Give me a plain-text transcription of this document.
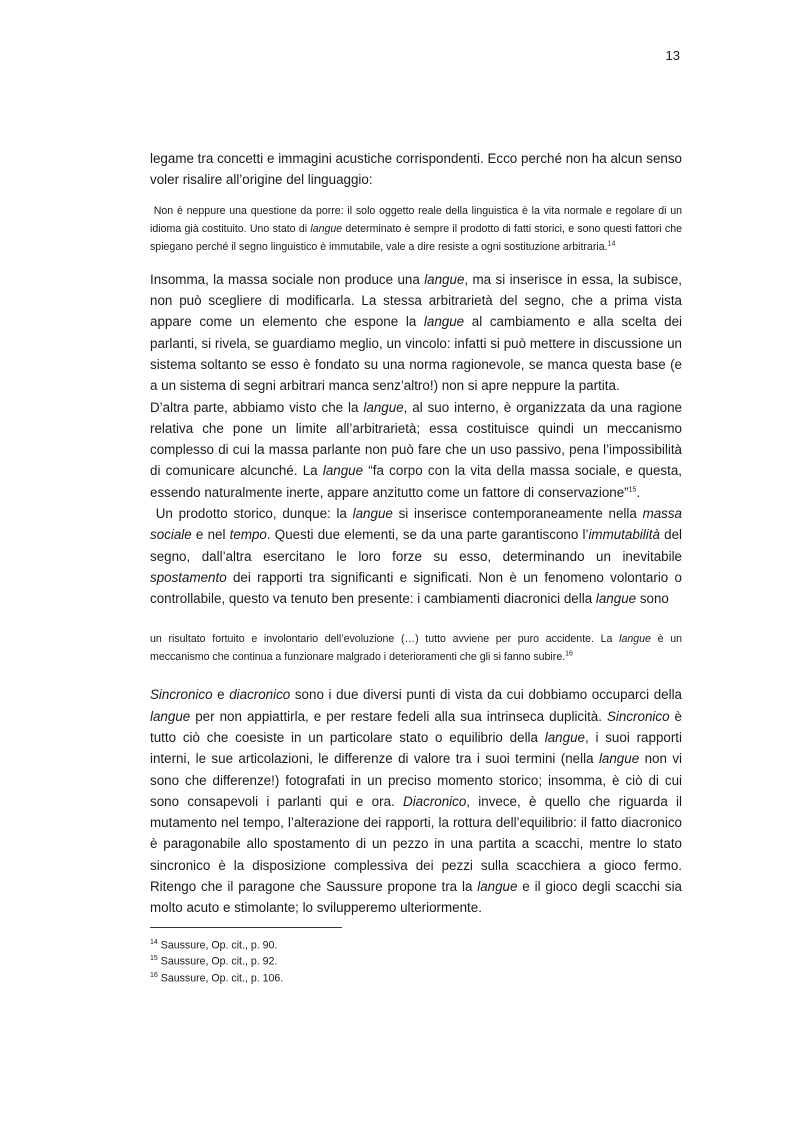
13

legame tra concetti e immagini acustiche corrispondenti. Ecco perché non ha alcun senso voler risalire all’origine del linguaggio:

Non è neppure una questione da porre: il solo oggetto reale della linguistica è la vita normale e regolare di un idioma già costituito. Uno stato di langue determinato è sempre il prodotto di fatti storici, e sono questi fattori che spiegano perché il segno linguistico è immutabile, vale a dire resiste a ogni sostituzione arbitraria.$^{14}$

Insomma, la massa sociale non produce una langue, ma si inserisce in essa, la subisce, non può scegliere di modificarla. La stessa arbitrarietà del segno, che a prima vista appare come un elemento che espone la langue al cambiamento e alla scelta dei parlanti, si rivela, se guardiamo meglio, un vincolo: infatti si può mettere in discussione un sistema soltanto se esso è fondato su una norma ragionevole, se manca questa base (e a un sistema di segni arbitrari manca senz’altro!) non si apre neppure la partita.

D’altra parte, abbiamo visto che la langue, al suo interno, è organizzata da una ragione relativa che pone un limite all’arbitrarietà; essa costituisce quindi un meccanismo complesso di cui la massa parlante non può fare che un uso passivo, pena l’impossibilità di comunicare alcunché. La langue “fa corpo con la vita della massa sociale, e questa, essendo naturalmente inerte, appare anzitutto come un fattore di conservazione”$^{15}$.

Un prodotto storico, dunque: la langue si inserisce contemporaneamente nella massa sociale e nel tempo. Questi due elementi, se da una parte garantiscono l’immutabilità del segno, dall’altra esercitano le loro forze su esso, determinando un inevitabile spostamento dei rapporti tra significanti e significati. Non è un fenomeno volontario o controllabile, questo va tenuto ben presente: i cambiamenti diacronici della langue sono

un risultato fortuito e involontario dell’evoluzione (…) tutto avviene per puro accidente. La langue è un meccanismo che continua a funzionare malgrado i deterioramenti che gli si fanno subire.$^{16}$

Sincronico e diacronico sono i due diversi punti di vista da cui dobbiamo occuparci della langue per non appiattirla, e per restare fedeli alla sua intrinseca duplicità. Sincronico è tutto ciò che coesiste in un particolare stato o equilibrio della langue, i suoi rapporti interni, le sue articolazioni, le differenze di valore tra i suoi termini (nella langue non vi sono che differenze!) fotografati in un preciso momento storico; insomma, è ciò di cui sono consapevoli i parlanti qui e ora. Diacronico, invece, è quello che riguarda il mutamento nel tempo, l’alterazione dei rapporti, la rottura dell’equilibrio: il fatto diacronico è paragonabile allo spostamento di un pezzo in una partita a scacchi, mentre lo stato sincronico è la disposizione complessiva dei pezzi sulla scacchiera a gioco fermo. Ritengo che il paragone che Saussure propone tra la langue e il gioco degli scacchi sia molto acuto e stimolante; lo svilupperemo ulteriormente.

$^{14}$ Saussure, Op. cit., p. 90.

$^{15}$ Saussure, Op. cit., p. 92.

$^{16}$ Saussure, Op. cit., p. 106.
